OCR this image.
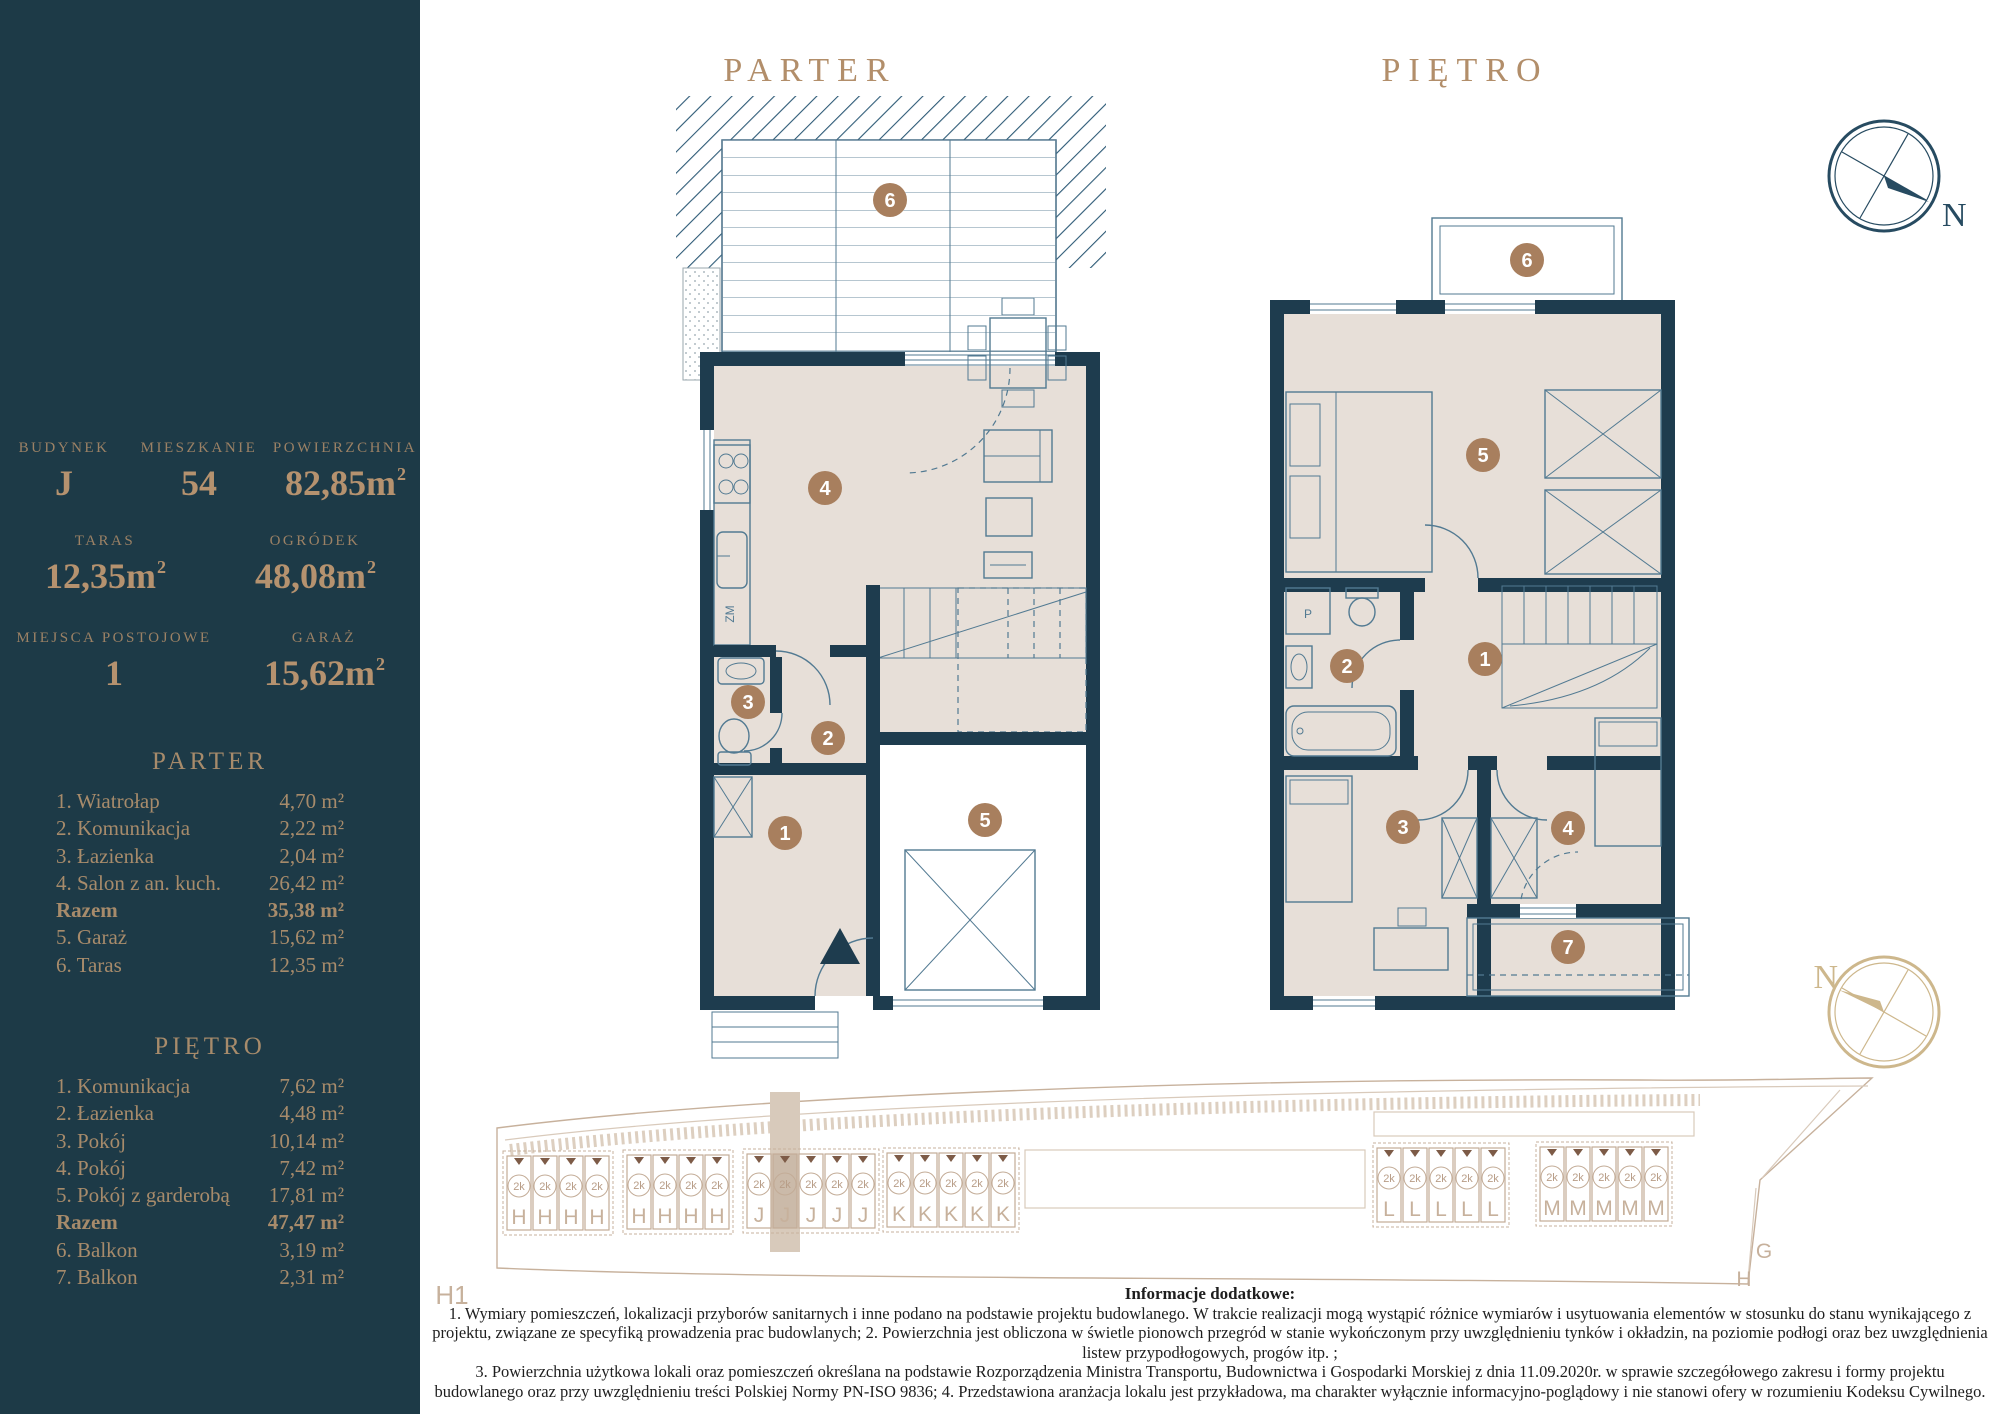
BUDYNEK
J
MIESZKANIE
54
POWIERZCHNIA
$82,85m^2$
TARAS
$12,35m^2$
OGRÓDEK
$48,08m^2$
MIEJSCA POSTOJOWE
1
GARAŻ
$15,62m^2$
PARTER
1. Wiatrołap	4,70 m²
2. Komunikacja	2,22 m²
3. Łazienka	2,04 m²
4. Salon z an. kuch. 26,42 m²
Razem	35,38 m²
5. Garaż	15,62 m²
6. Taras	12,35 m²
PIĘTRO
1. Komunikacja	7,62 m²
2. Łazienka	4,48 m²
3. Pokój	10,14 m²
4. Pokój	7,42 m²
5. Pokój z garderobą 17,81 m²
Razem	47,47 m²
6. Balkon	3,19 m²
7. Balkon	2,31 m²
PARTER	PIĘTRO
ZM
1
2
3
4
5
6
P
1
2
3	4
5
6
7
N
N
2k
H
2k
H
2k
H
2k
H
2k
H
2k
H
2k
H
2k
H
2k
J
2k
J
2k
J
2k
J
2k
J
2k
K
2k
K
2k
K
2k
K
2k
K
2k
L
2k
L
2k
L
2k
L
2k
L
2k
M
2k
M
2k
M
2k
M
2k
M
H1
G
H
Informacje dodatkowe:
1. Wymiary pomieszczeń, lokalizacji przyborów sanitarnych i inne podano na podstawie projektu budowlanego. W trakcie realizacji mogą wystąpić różnice wymiarów i usytuowania elementów w stosunku do stanu wynikającego z projektu, związane ze specyfiką prowadzenia prac budowlanych; 2. Powierzchnia jest obliczona w świetle pionowch przegród w stanie wykończonym przy uwzględnieniu tynków i okładzin, na poziomie podłogi oraz bez uwzględnienia listew przypodłogowych, progów itp. ;
3. Powierzchnia użytkowa lokali oraz pomieszczeń określana na podstawie Rozporządzenia Ministra Transportu, Budownictwa i Gospodarki Morskiej z dnia 11.09.2020r. w sprawie szczegółowego zakresu i formy projektu budowlanego oraz przy uwzględnieniu treści Polskiej Normy PN-ISO 9836; 4. Przedstawiona aranżacja lokalu jest przykładowa, ma charakter wyłącznie informacyjno-poglądowy i nie stanowi ofery w rozumieniu Kodeksu Cywilnego.
